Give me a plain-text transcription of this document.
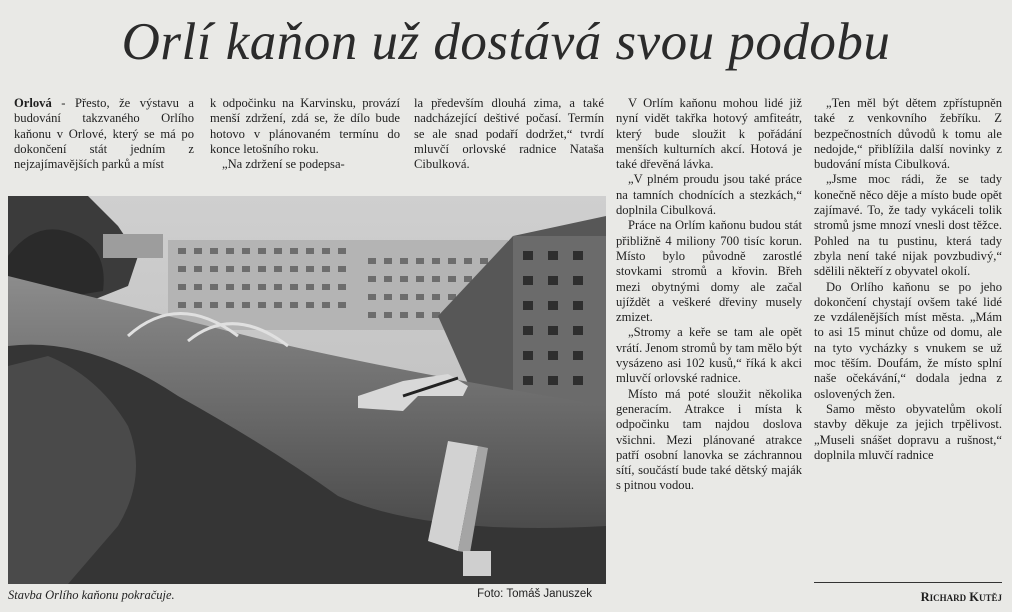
Orlí kaňon už dostává svou podobu

Orlová - Přesto, že výstavu a budování takzvaného Orlího kaňonu v Orlové, který se má po dokončení stát jedním z nejzajímavějších parků a míst

k odpočinku na Karvinsku, provází menší zdržení, zdá se, že dílo bude hotovo v plánovaném termínu do konce letošního roku.

„Na zdržení se podepsa-

la především dlouhá zima, a také nadcházející deštivé počasí. Termín se ale snad podaří dodržet,“ tvrdí mluvčí orlovské radnice Nataša Cibulková.

V Orlím kaňonu mohou lidé již nyní vidět takřka hotový amfiteátr, který bude sloužit k pořádání menších kulturních akcí. Hotová je také dřevěná lávka.

„V plném proudu jsou také práce na tamních chodnících a stezkách,“ doplnila Cibulková.

Práce na Orlím kaňonu budou stát přibližně 4 miliony 700 tisíc korun. Místo bylo původně zarostlé stovkami stromů a křovin. Břeh mezi obytnými domy ale začal ujíždět a veškeré dřeviny musely zmizet.

„Stromy a keře se tam ale opět vrátí. Jenom stromů by tam mělo být vysázeno asi 102 kusů,“ říká k akci mluvčí orlovské radnice.

Místo má poté sloužit několika generacím. Atrakce i místa k odpočinku tam najdou doslova všichni. Mezi plánované atrakce patří osobní lanovka se záchrannou sítí, součástí bude také dětský maják s pitnou vodou.

„Ten měl být dětem zpřístupněn také z venkovního žebříku. Z bezpečnostních důvodů k tomu ale nedojde,“ přiblížila další novinky z budování místa Cibulková.

„Jsme moc rádi, že se tady konečně něco děje a místo bude opět zajímavé. To, že tady vykáceli tolik stromů jsme mnozí vnesli dost těžce. Pohled na tu pustinu, která tady zbyla není také nijak povzbudivý,“ sdělili někteří z obyvatel okolí.

Do Orlího kaňonu se po jeho dokončení chystají ovšem také lidé ze vzdálenějších míst města. „Mám to asi 15 minut chůze od domu, ale na tyto vycházky s vnukem se už moc těším. Doufám, že místo splní naše očekávání,“ dodala jedna z oslovených žen.

Samo město obyvatelům okolí stavby děkuje za jejich trpělivost. „Museli snášet dopravu a rušnost,“ doplnila mluvčí radnice

Stavba Orlího kaňonu pokračuje.	Foto: Tomáš Januszek	Richard Kutěj
